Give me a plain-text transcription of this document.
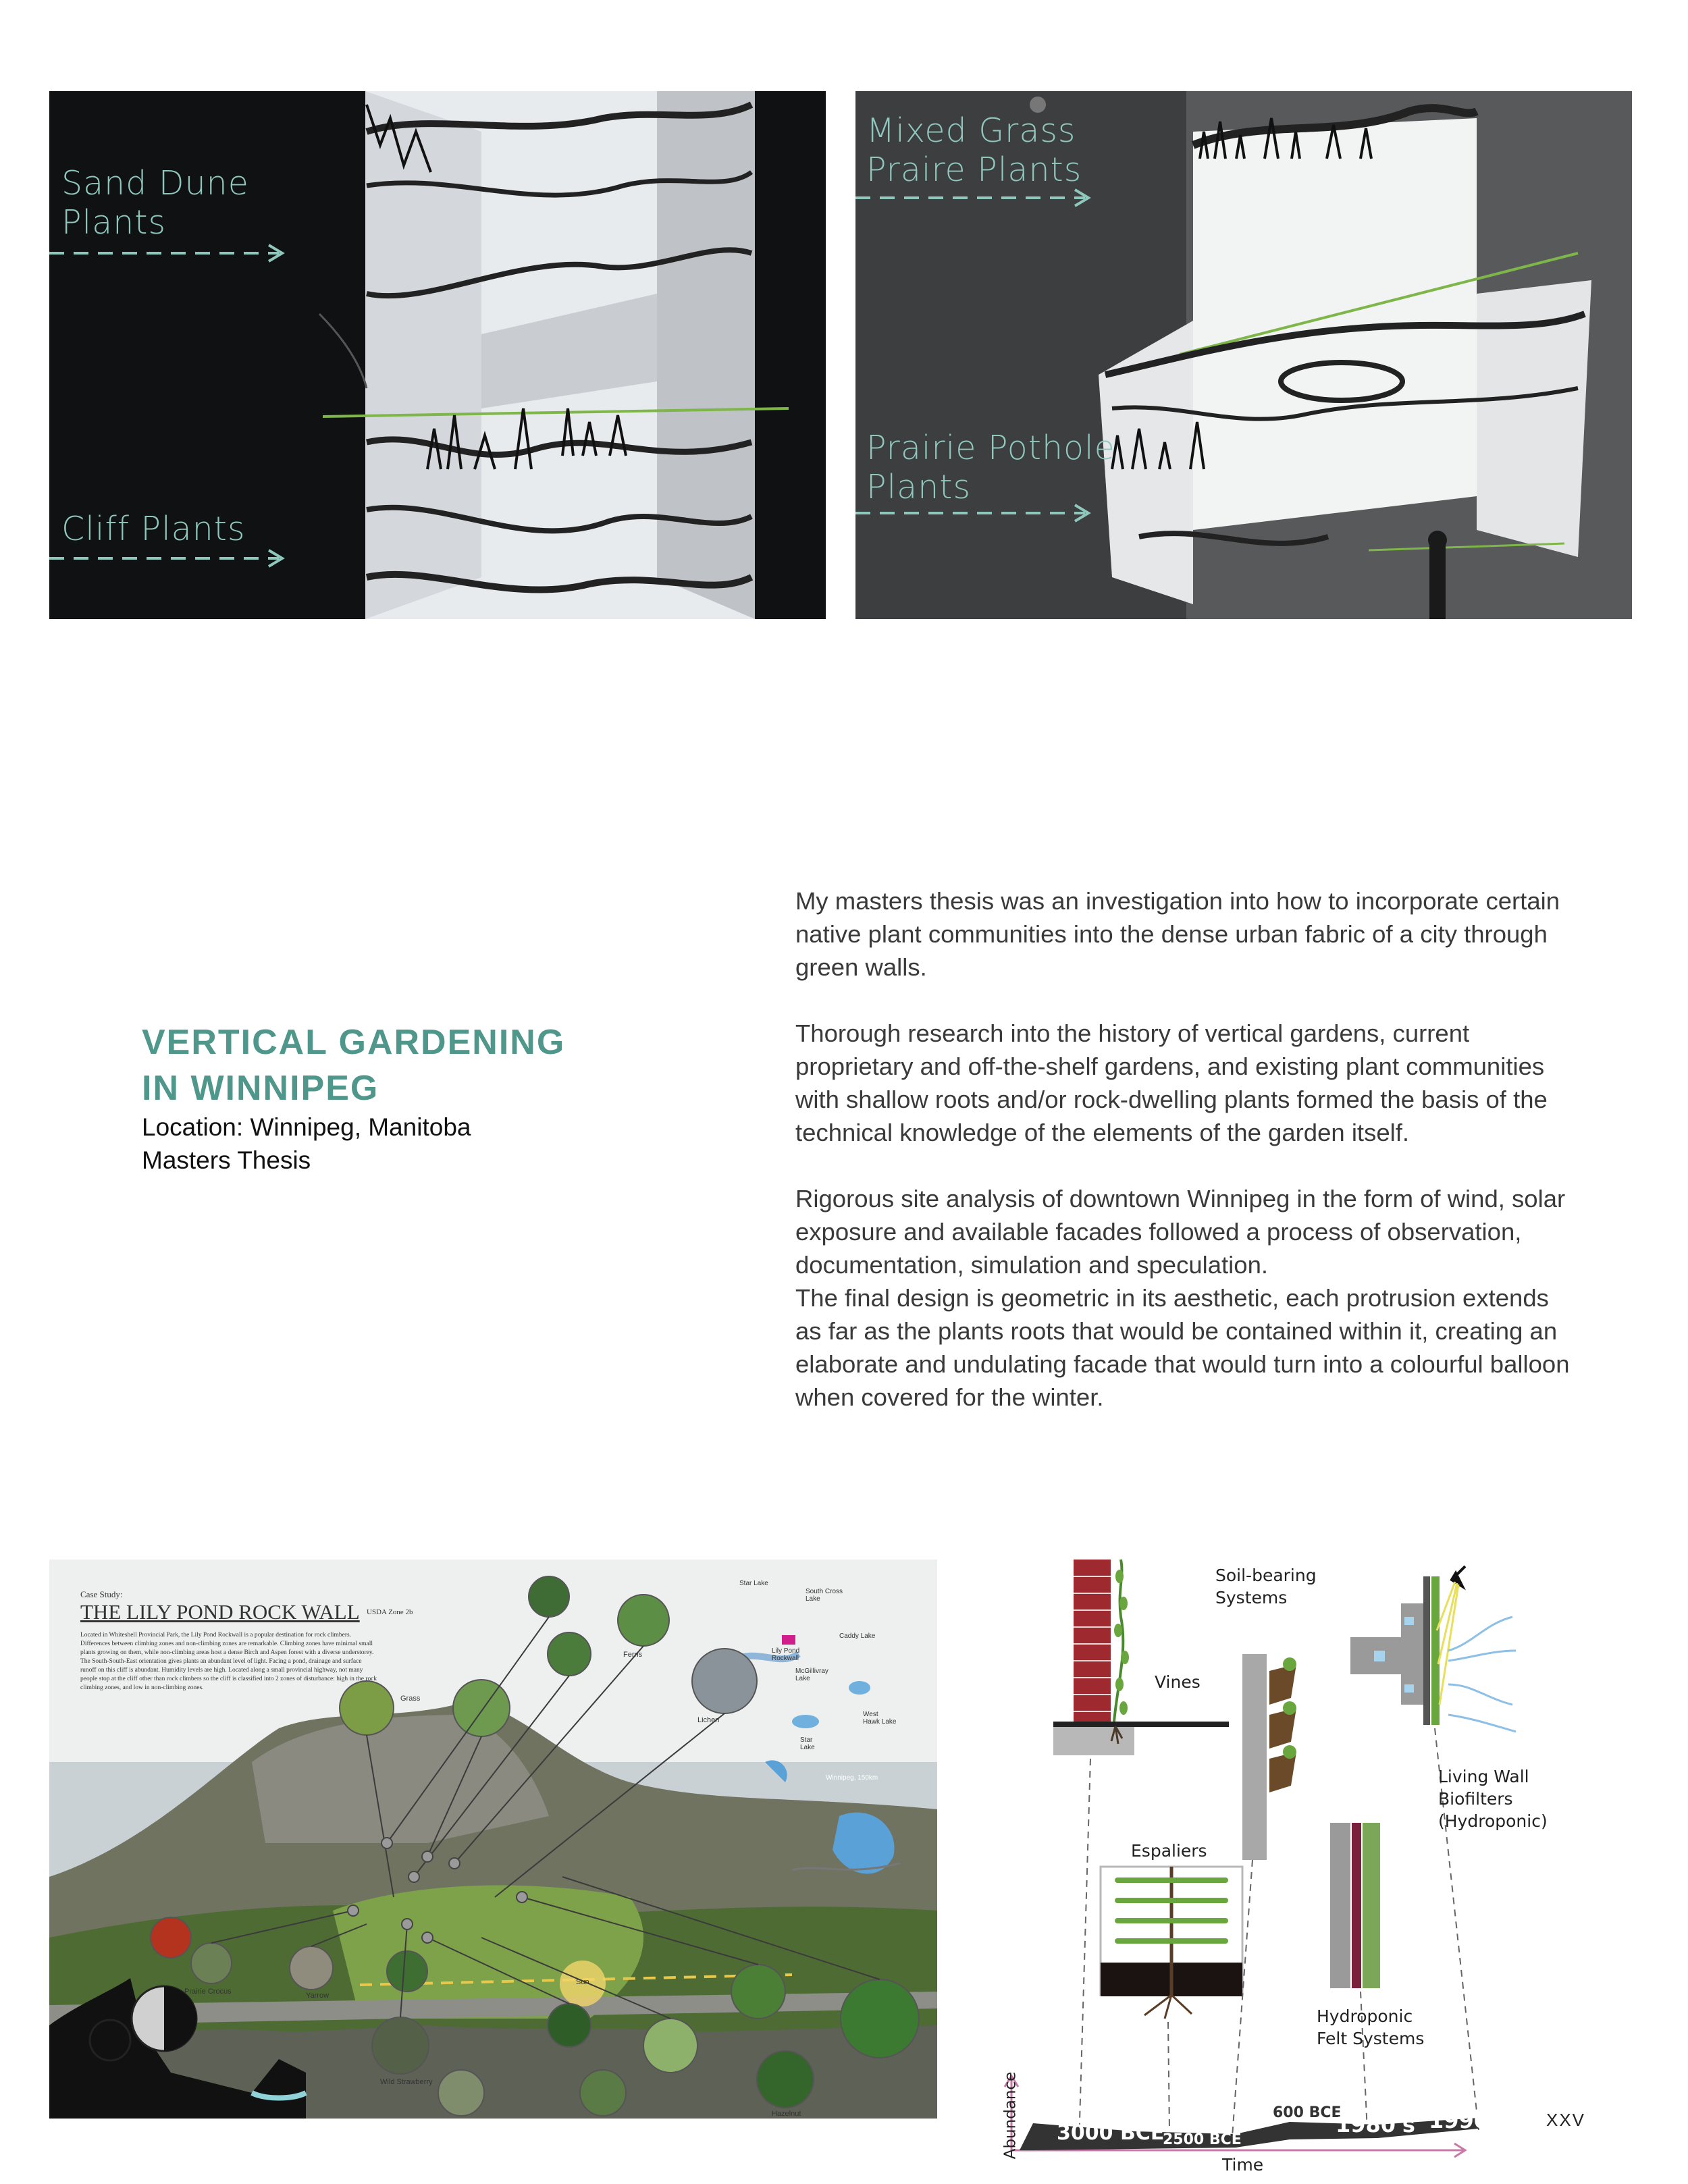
Sand Dune
Plants
Cliff Plants
Mixed Grass
Praire Plants
Prairie Pothole
Plants
VERTICAL GARDENING
IN WINNIPEG
Location: Winnipeg, Manitoba
Masters Thesis

My masters thesis was an investigation into how to incorporate certain native plant communities into the dense urban fabric of a city through green walls.

Thorough research into the history of vertical gardens, current proprietary and off-the-shelf gardens, and existing plant communities with shallow roots and/or rock-dwelling plants formed the basis of the technical knowledge of the elements of the garden itself.

Rigorous site analysis of downtown Winnipeg in the form of wind, solar exposure and available facades followed a process of observation, documentation, simulation and speculation.

The final design is geometric in its aesthetic, each protrusion extends as far as the plants roots that would be contained within it, creating an elaborate and undulating facade that would turn into a colourful balloon when covered for the winter.

Case Study:
THE LILY POND ROCK WALL USDA Zone 2b
Located in Whiteshell Provincial Park, the Lily Pond Rockwall is a popular destination for rock climbers. Differences between climbing zones and non-climbing zones are remarkable. Climbing zones have minimal small plants growing on them, while non-climbing areas host a dense Birch and Aspen forest with a diverse understorey. The South-South-East orientation gives plants an abundant level of light. Facing a pond, drainage and surface runoff on this cliff is abundant. Humidity levels are high. Located along a small provincial highway, not many people stop at the cliff other than rock climbers so the cliff is classified into 2 zones of disturbance: high in the rock climbing zones, and low in non-climbing zones.
Star Lake
South Cross Lake
Lily Pond Rockwall
Caddy Lake
McGillivray Lake
West Hawk Lake
Star Lake
Winnipeg, 150km
Grass
Ferns
Lichen
Yarrow
Prairie Crocus
Wild Strawberry
Hazelnut
Sun
Soil-bearing
Systems
Vines
Living Wall
Biofilters
(Hydroponic)
Espaliers
Hydroponic
Felt Systems
Abundance
Time
3000 BCE
2500 BCE
600 BCE
1980's 1990's XXV
